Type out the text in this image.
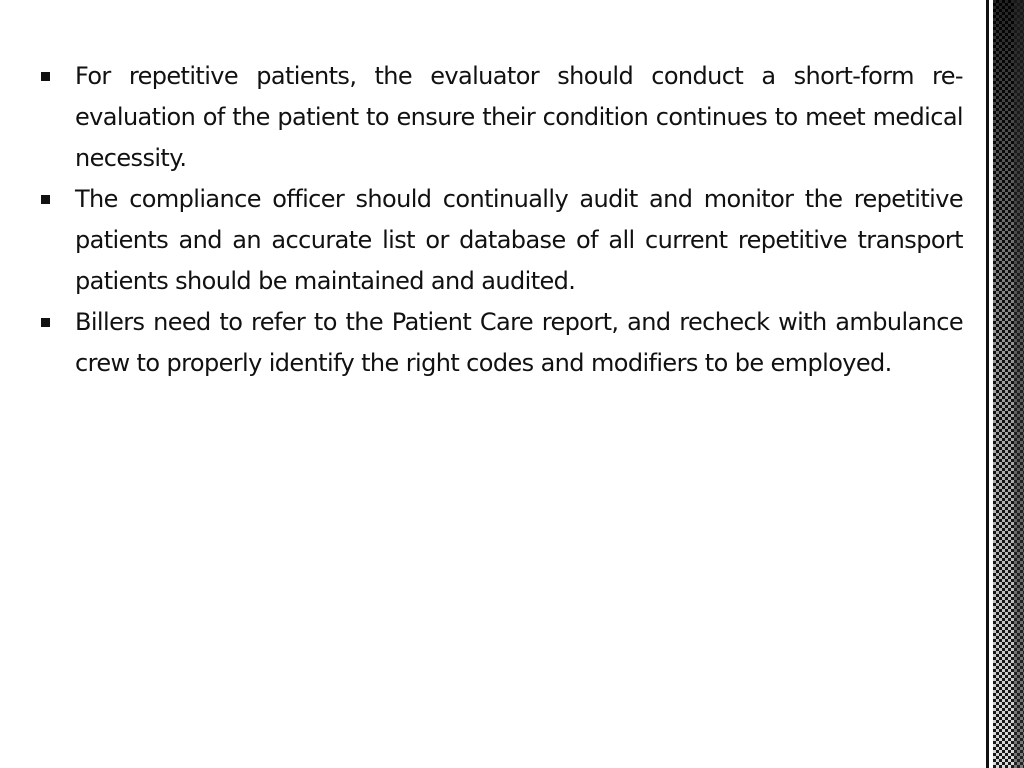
For repetitive patients, the evaluator should conduct a short-form re-evaluation of the patient to ensure their condition continues to meet medical necessity.
The compliance officer should continually audit and monitor the repetitive patients and an accurate list or database of all current repetitive transport patients should be maintained and audited.
Billers need to refer to the Patient Care report, and recheck with ambulance crew to properly identify the right codes and modifiers to be employed.
